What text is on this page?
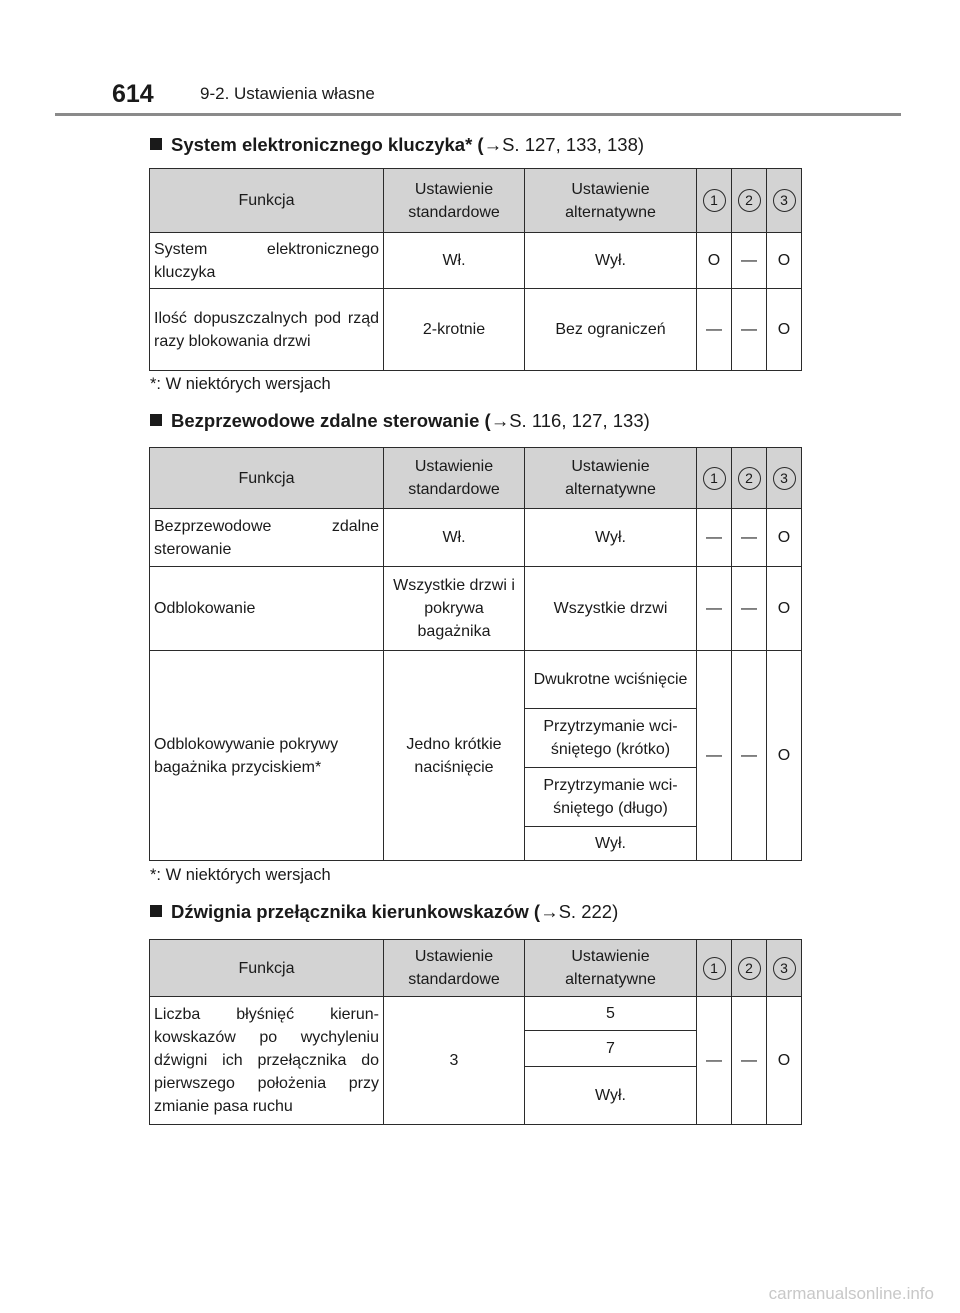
614	9-2. Ustawienia własne
System elektronicznego kluczyka* (→S. 127, 133, 138)
Funkcja	Ustawienie standardowe	Ustawienie alternatywne	1	2	3
System elektronicznego kluczyka	Wł.	Wył.	O	—	O
Ilość dopuszczalnych pod rząd razy blokowania drzwi	2-krotnie	Bez ograniczeń	—	—	O
*: W niektórych wersjach
Bezprzewodowe zdalne sterowanie (→S. 116, 127, 133)
Funkcja	Ustawienie standardowe	Ustawienie alternatywne	1	2	3
Bezprzewodowe zdalne sterowanie	Wł.	Wył.	—	—	O
Odblokowanie	Wszystkie drzwi i pokrywa bagażnika	Wszystkie drzwi	—	—	O
Odblokowywanie pokrywy bagażnika przyciskiem*	Jedno krótkie naciśnięcie	Dwukrotne wciśnięcie	—	—	O
		Przytrzymanie wci-śniętego (krótko)			
		Przytrzymanie wci-śniętego (długo)			
		Wył.			
*: W niektórych wersjach
Dźwignia przełącznika kierunkowskazów (→S. 222)
Funkcja	Ustawienie standardowe	Ustawienie alternatywne	1	2	3
Liczba błyśnięć kierun-kowskazów po wychyleniu dźwigni ich przełącznika do pierwszego położenia przy zmianie pasa ruchu	3	5	—	—	O
		7			
		Wył.			
carmanualsonline.info
